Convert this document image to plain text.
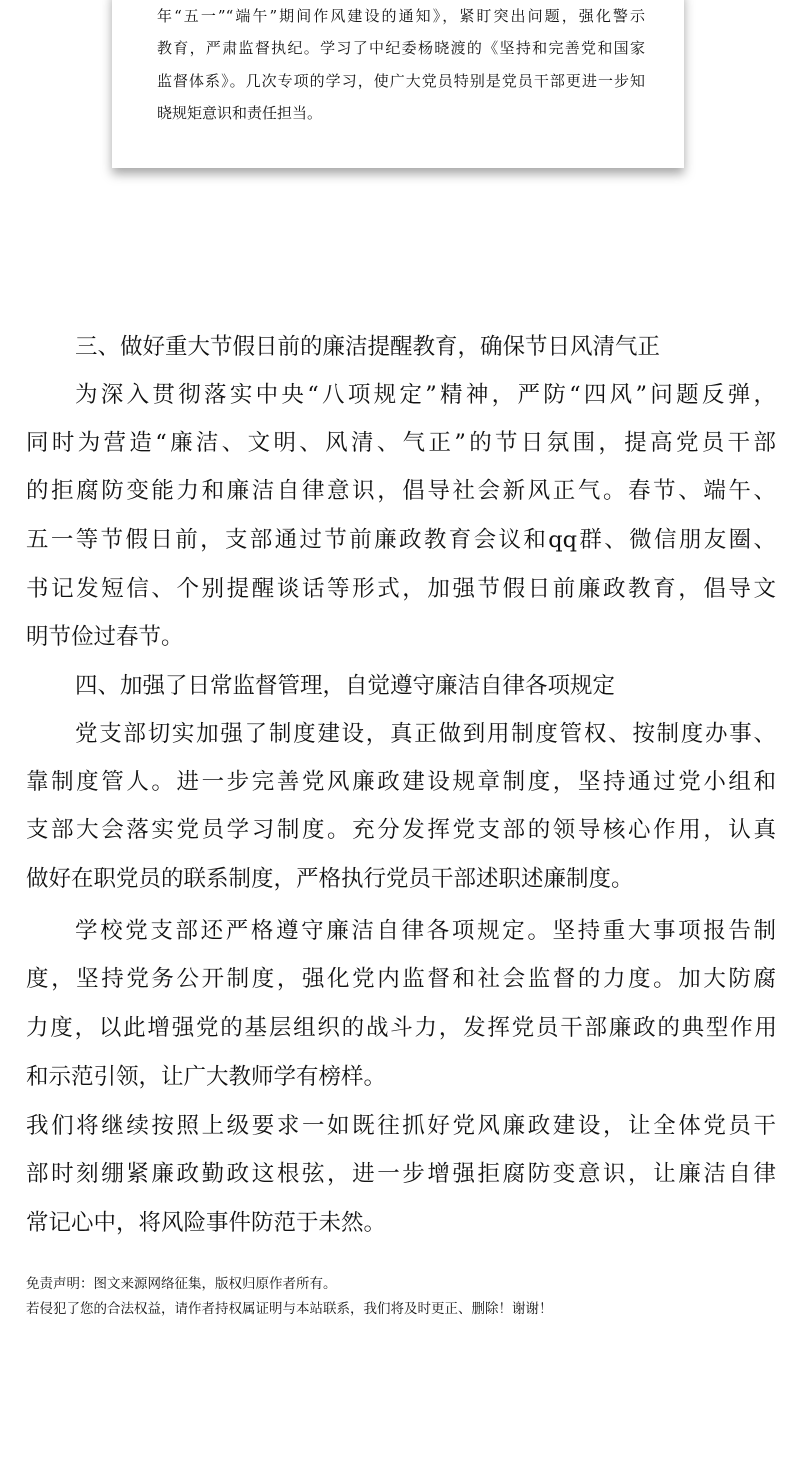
年“五一”“端午”期间作风建设的通知》，紧盯突出问题，强化警示
教育，严肃监督执纪。学习了中纪委杨晓渡的《坚持和完善党和国家
监督体系》。几次专项的学习，使广大党员特别是党员干部更进一步知
晓规矩意识和责任担当。
三、做好重大节假日前的廉洁提醒教育，确保节日风清气正
为深入贯彻落实中央“八项规定”精神，严防“四风”问题反弹，
同时为营造“廉洁、文明、风清、气正”的节日氛围，提高党员干部
的拒腐防变能力和廉洁自律意识，倡导社会新风正气。春节、端午、
五一等节假日前，支部通过节前廉政教育会议和qq群、微信朋友圈、
书记发短信、个别提醒谈话等形式，加强节假日前廉政教育，倡导文
明节俭过春节。
四、加强了日常监督管理，自觉遵守廉洁自律各项规定
党支部切实加强了制度建设，真正做到用制度管权、按制度办事、
靠制度管人。进一步完善党风廉政建设规章制度，坚持通过党小组和
支部大会落实党员学习制度。充分发挥党支部的领导核心作用，认真
做好在职党员的联系制度，严格执行党员干部述职述廉制度。
学校党支部还严格遵守廉洁自律各项规定。坚持重大事项报告制
度，坚持党务公开制度，强化党内监督和社会监督的力度。加大防腐
力度，以此增强党的基层组织的战斗力，发挥党员干部廉政的典型作用
和示范引领，让广大教师学有榜样。
我们将继续按照上级要求一如既往抓好党风廉政建设，让全体党员干
部时刻绷紧廉政勤政这根弦，进一步增强拒腐防变意识，让廉洁自律
常记心中，将风险事件防范于未然。
免责声明：图文来源网络征集，版权归原作者所有。
若侵犯了您的合法权益，请作者持权属证明与本站联系，我们将及时更正、删除！谢谢！
